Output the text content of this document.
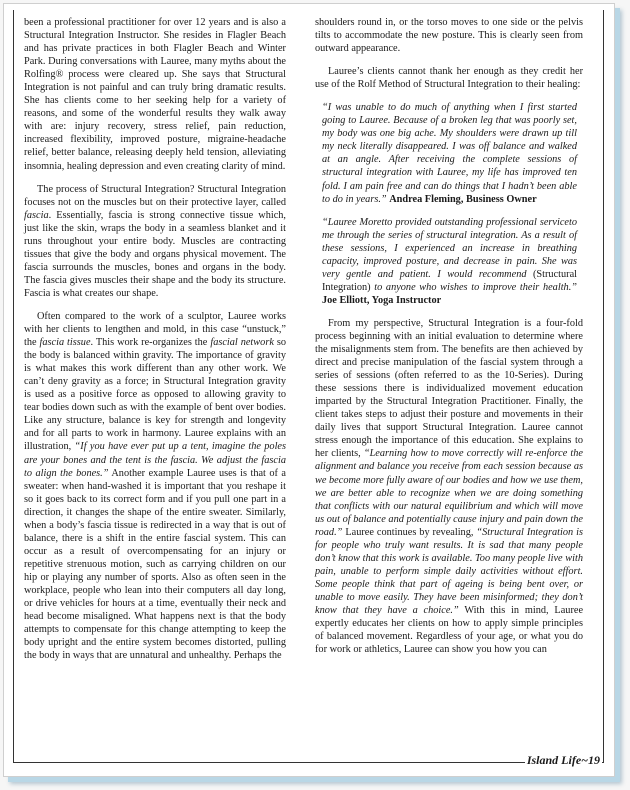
been a professional practitioner for over 12 years and is also a Structural Integration Instructor. She resides in Flagler Beach and has private practices in both Flagler Beach and Winter Park. During conversations with Lauree, many myths about the Rolfing® process were cleared up. She says that Structural Integration is not painful and can truly bring dramatic results. She has clients come to her seeking help for a variety of reasons, and some of the wonderful results they walk away with are: injury recovery, stress relief, pain reduction, increased flexibility, improved posture, migraine-headache relief, better balance, releasing deeply held tension, alleviating insomnia, healing depression and even creating clarity of mind.

The process of Structural Integration? Structural Integration focuses not on the muscles but on their protective layer, called fascia. Essentially, fascia is strong connective tissue which, just like the skin, wraps the body in a seamless blanket and it runs throughout your entire body. Muscles are contracting tissues that give the body and organs physical movement. The fascia surrounds the muscles, bones and organs in the body. The fascia gives muscles their shape and the body its structure. Fascia is what creates our shape.

Often compared to the work of a sculptor, Lauree works with her clients to lengthen and mold, in this case “unstuck,” the fascia tissue. This work re-organizes the fascial network so the body is balanced within gravity. The importance of gravity is what makes this work different than any other work. We can’t deny gravity as a force; in Structural Integration gravity is used as a positive force as opposed to allowing gravity to tear bodies down such as with the example of bent over bodies. Like any structure, balance is key for strength and longevity and for all parts to work in harmony. Lauree explains with an illustration, “If you have ever put up a tent, imagine the poles are your bones and the tent is the fascia. We adjust the fascia to align the bones.” Another example Lauree uses is that of a sweater: when hand-washed it is important that you reshape it so it goes back to its correct form and if you pull one part in a direction, it changes the shape of the entire sweater. Similarly, when a body’s fascia tissue is redirected in a way that is out of balance, there is a shift in the entire fascial system. This can occur as a result of overcompensating for an injury or repetitive strenuous motion, such as carrying children on our hip or playing any number of sports. Also as often seen in the workplace, people who lean into their computers all day long, or drive vehicles for hours at a time, eventually their neck and head become misaligned. What happens next is that the body attempts to compensate for this change attempting to keep the body upright and the entire system becomes distorted, pulling the body in ways that are unnatural and unhealthy. Perhaps the

shoulders round in, or the torso moves to one side or the pelvis tilts to accommodate the new posture. This is clearly seen from outward appearance.

Lauree’s clients cannot thank her enough as they credit her use of the Rolf Method of Structural Integration to their healing:

“I was unable to do much of anything when I first started going to Lauree. Because of a broken leg that was poorly set, my body was one big ache. My shoulders were drawn up till my neck literally disappeared. I was off balance and walked at an angle. After receiving the complete sessions of structural integration with Lauree, my life has improved ten fold. I am pain free and can do things that I hadn’t been able to do in years.” Andrea Fleming, Business Owner

“Lauree Moretto provided outstanding professional serviceto me through the series of structural integration. As a result of these sessions, I experienced an increase in breathing capacity, improved posture, and decrease in pain. She was very gentle and patient. I would recommend (Structural Integration) to anyone who wishes to improve their health.” Joe Elliott, Yoga Instructor

From my perspective, Structural Integration is a four-fold process beginning with an initial evaluation to determine where the misalignments stem from. The benefits are then achieved by direct and precise manipulation of the fascial system through a series of sessions (often referred to as the 10-Series). During these sessions there is individualized movement education imparted by the Structural Integration Practitioner. Finally, the client takes steps to adjust their posture and movements in their daily lives that support Structural Integration. Lauree cannot stress enough the importance of this education. She explains to her clients, “Learning how to move correctly will re-enforce the alignment and balance you receive from each session because as we become more fully aware of our bodies and how we use them, we are better able to recognize when we are doing something that conflicts with our natural equilibrium and which will move us out of balance and potentially cause injury and pain down the road.” Lauree continues by revealing, “Structural Integration is for people who truly want results. It is sad that many people don’t know that this work is available. Too many people live with pain, unable to perform simple daily activities without effort. Some people think that part of ageing is being bent over, or unable to move easily. They have been misinformed; they don’t know that they have a choice.” With this in mind, Lauree expertly educates her clients on how to apply simple principles of balanced movement. Regardless of your age, or what you do for work or athletics, Lauree can show you how you can

Island Life~19
